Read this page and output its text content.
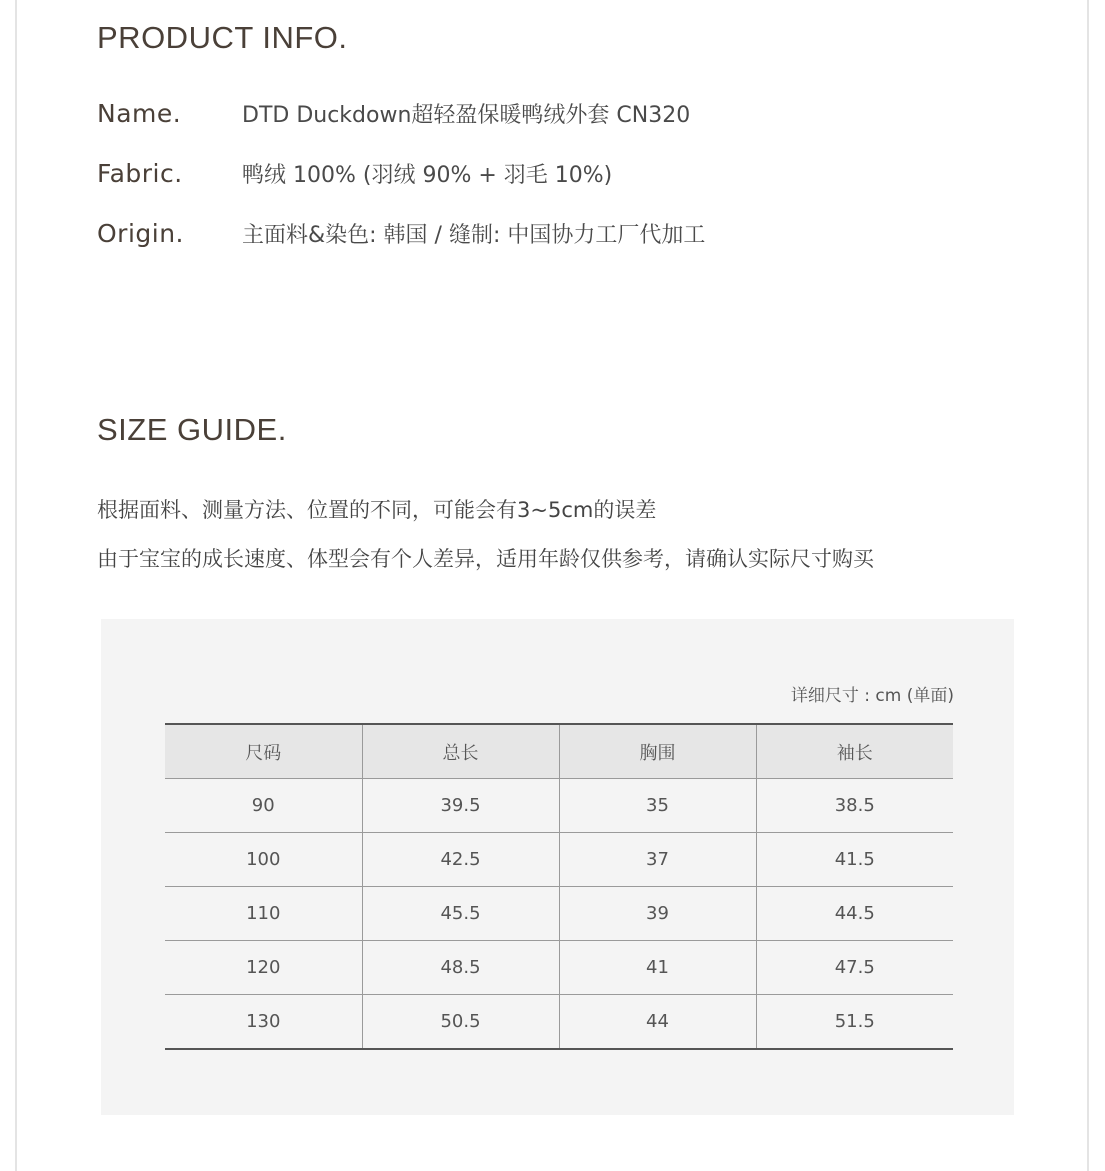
PRODUCT INFO.
Name.	DTD Duckdown超轻盈保暖鸭绒外套 CN320
Fabric.	鸭绒 100% (羽绒 90% + 羽毛 10%)
Origin.	主面料&染色: 韩国 / 缝制: 中国协力工厂代加工
SIZE GUIDE.

根据面料、测量方法、位置的不同，可能会有3~5cm的误差

由于宝宝的成长速度、体型会有个人差异，适用年龄仅供参考，请确认实际尺寸购买

详细尺寸 : cm (单面)
尺码	总长	胸围	袖长
90	39.5	35	38.5
100	42.5	37	41.5
110	45.5	39	44.5
120	48.5	41	47.5
130	50.5	44	51.5
